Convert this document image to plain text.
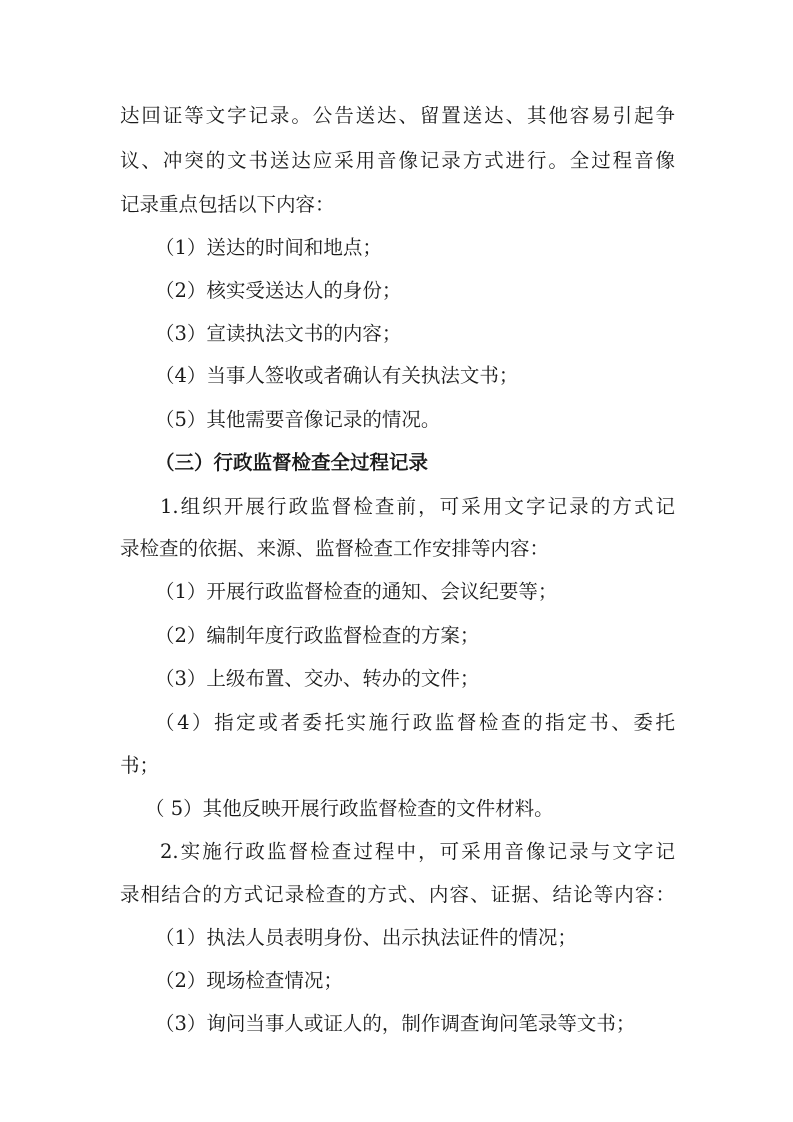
达回证等文字记录。公告送达、留置送达、其他容易引起争
议、冲突的文书送达应采用音像记录方式进行。全过程音像
记录重点包括以下内容：
（1）送达的时间和地点；
（2）核实受送达人的身份；
（3）宣读执法文书的内容；
（4）当事人签收或者确认有关执法文书；
（5）其他需要音像记录的情况。
（三）行政监督检查全过程记录
1.组织开展行政监督检查前，可采用文字记录的方式记
录检查的依据、来源、监督检查工作安排等内容：
（1）开展行政监督检查的通知、会议纪要等；
（2）编制年度行政监督检查的方案；
（3）上级布置、交办、转办的文件；
（4）指定或者委托实施行政监督检查的指定书、委托
书；
（ 5）其他反映开展行政监督检查的文件材料。
2.实施行政监督检查过程中，可采用音像记录与文字记
录相结合的方式记录检查的方式、内容、证据、结论等内容：
（1）执法人员表明身份、出示执法证件的情况；
（2）现场检查情况；
（3）询问当事人或证人的，制作调查询问笔录等文书；
